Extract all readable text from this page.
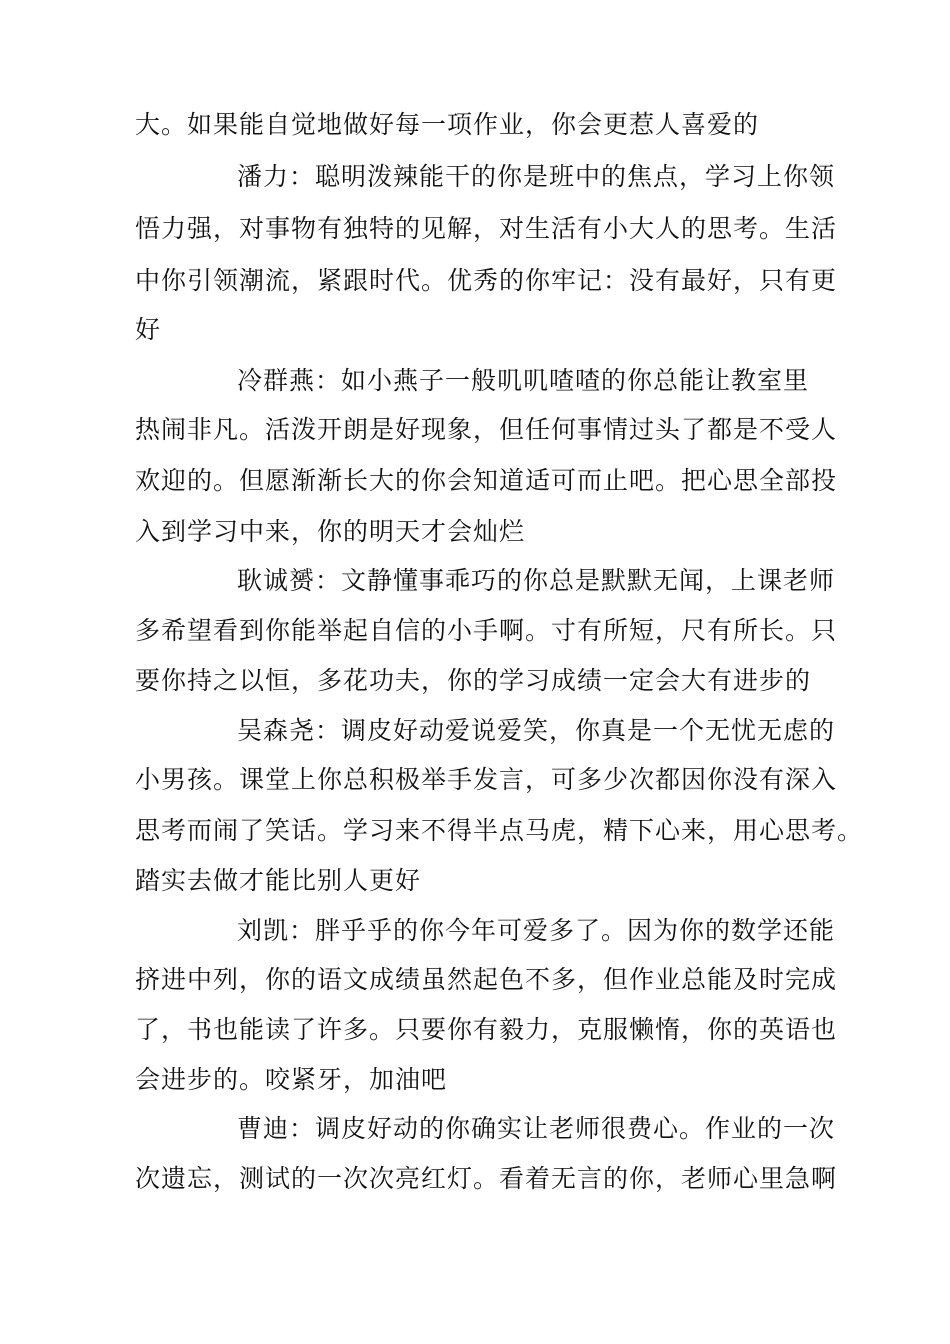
大。如果能自觉地做好每一项作业，你会更惹人喜爱的
潘力：聪明泼辣能干的你是班中的焦点，学习上你领
悟力强，对事物有独特的见解，对生活有小大人的思考。生活
中你引领潮流，紧跟时代。优秀的你牢记：没有最好，只有更
好
冷群燕：如小燕子一般叽叽喳喳的你总能让教室里
热闹非凡。活泼开朗是好现象，但任何事情过头了都是不受人
欢迎的。但愿渐渐长大的你会知道适可而止吧。把心思全部投
入到学习中来，你的明天才会灿烂
耿诚赟：文静懂事乖巧的你总是默默无闻，上课老师
多希望看到你能举起自信的小手啊。寸有所短，尺有所长。只
要你持之以恒，多花功夫，你的学习成绩一定会大有进步的
吴森尧：调皮好动爱说爱笑，你真是一个无忧无虑的
小男孩。课堂上你总积极举手发言，可多少次都因你没有深入
思考而闹了笑话。学习来不得半点马虎，精下心来，用心思考。
踏实去做才能比别人更好
刘凯：胖乎乎的你今年可爱多了。因为你的数学还能
挤进中列，你的语文成绩虽然起色不多，但作业总能及时完成
了，书也能读了许多。只要你有毅力，克服懒惰，你的英语也
会进步的。咬紧牙，加油吧
曹迪：调皮好动的你确实让老师很费心。作业的一次
次遗忘，测试的一次次亮红灯。看着无言的你，老师心里急啊
